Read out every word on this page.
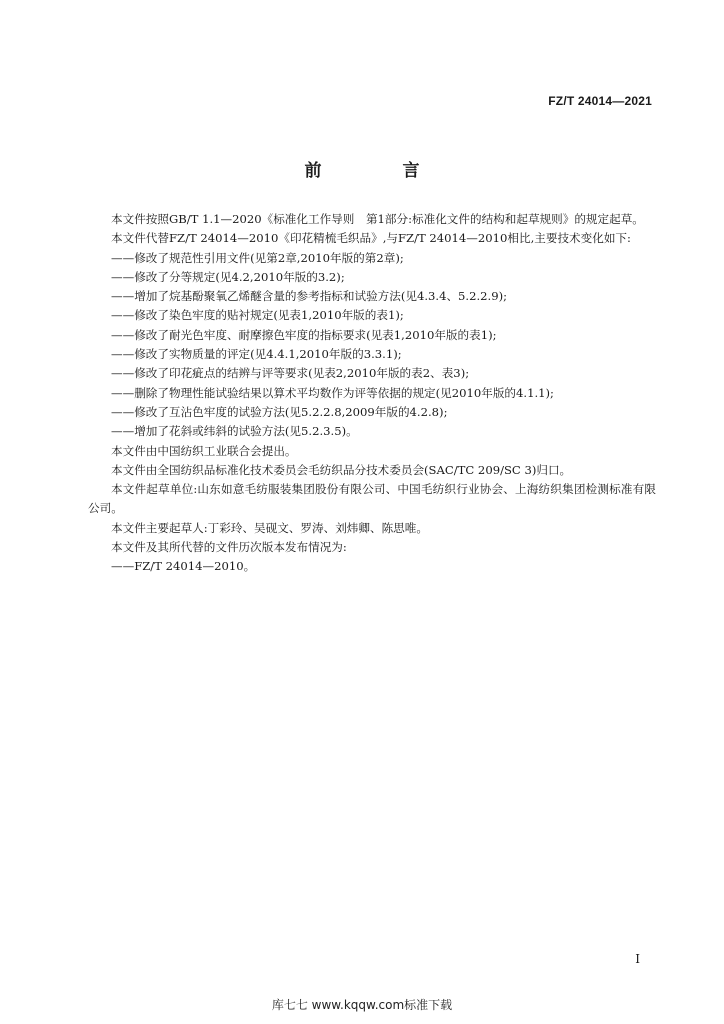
FZ/T 24014—2021
前　言

本文件按照GB/T 1.1—2020《标准化工作导则　第1部分:标准化文件的结构和起草规则》的规定起草。

本文件代替FZ/T 24014—2010《印花精梳毛织品》,与FZ/T 24014—2010相比,主要技术变化如下:

——修改了规范性引用文件(见第2章,2010年版的第2章);

——修改了分等规定(见4.2,2010年版的3.2);

——增加了烷基酚聚氧乙烯醚含量的参考指标和试验方法(见4.3.4、5.2.2.9);

——修改了染色牢度的贴衬规定(见表1,2010年版的表1);

——修改了耐光色牢度、耐摩擦色牢度的指标要求(见表1,2010年版的表1);

——修改了实物质量的评定(见4.4.1,2010年版的3.3.1);

——修改了印花疵点的结辨与评等要求(见表2,2010年版的表2、表3);

——删除了物理性能试验结果以算术平均数作为评等依据的规定(见2010年版的4.1.1);

——修改了互沾色牢度的试验方法(见5.2.2.8,2009年版的4.2.8);

——增加了花斜或纬斜的试验方法(见5.2.3.5)。

本文件由中国纺织工业联合会提出。

本文件由全国纺织品标准化技术委员会毛纺织品分技术委员会(SAC/TC 209/SC 3)归口。

本文件起草单位:山东如意毛纺服装集团股份有限公司、中国毛纺织行业协会、上海纺织集团检测标准有限公司。

本文件主要起草人:丁彩玲、吴砚文、罗涛、刘炜卿、陈思唯。

本文件及其所代替的文件历次版本发布情况为:

——FZ/T 24014—2010。

I
库七七 www.kqqw.com标准下载
